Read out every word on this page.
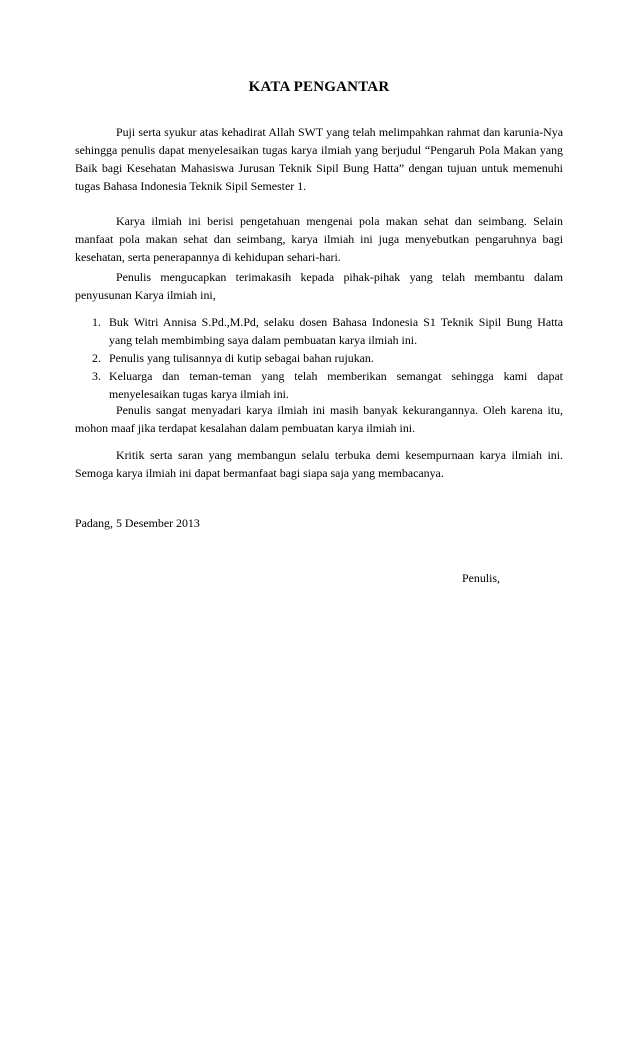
KATA PENGANTAR

Puji serta syukur atas kehadirat Allah SWT yang telah melimpahkan rahmat dan karunia-Nya sehingga penulis dapat menyelesaikan tugas karya ilmiah yang berjudul “Pengaruh Pola Makan yang Baik bagi Kesehatan Mahasiswa Jurusan Teknik Sipil Bung Hatta” dengan tujuan untuk memenuhi tugas Bahasa Indonesia Teknik Sipil Semester 1.

Karya ilmiah ini berisi pengetahuan mengenai pola makan sehat dan seimbang. Selain manfaat pola makan sehat dan seimbang, karya ilmiah ini juga menyebutkan pengaruhnya bagi kesehatan, serta penerapannya di kehidupan sehari-hari.

Penulis mengucapkan terimakasih kepada pihak-pihak yang telah membantu dalam penyusunan Karya ilmiah ini,

1. Buk Witri Annisa S.Pd.,M.Pd, selaku dosen Bahasa Indonesia S1 Teknik Sipil Bung Hatta yang telah membimbing saya dalam pembuatan karya ilmiah ini.
2. Penulis yang tulisannya di kutip sebagai bahan rujukan.
3. Keluarga dan teman-teman yang telah memberikan semangat sehingga kami dapat menyelesaikan tugas karya ilmiah ini.

Penulis sangat menyadari karya ilmiah ini masih banyak kekurangannya. Oleh karena itu, mohon maaf jika terdapat kesalahan dalam pembuatan karya ilmiah ini.

Kritik serta saran yang membangun selalu terbuka demi kesempurnaan karya ilmiah ini. Semoga karya ilmiah ini dapat bermanfaat bagi siapa saja yang membacanya.

Padang, 5 Desember 2013
Penulis,
